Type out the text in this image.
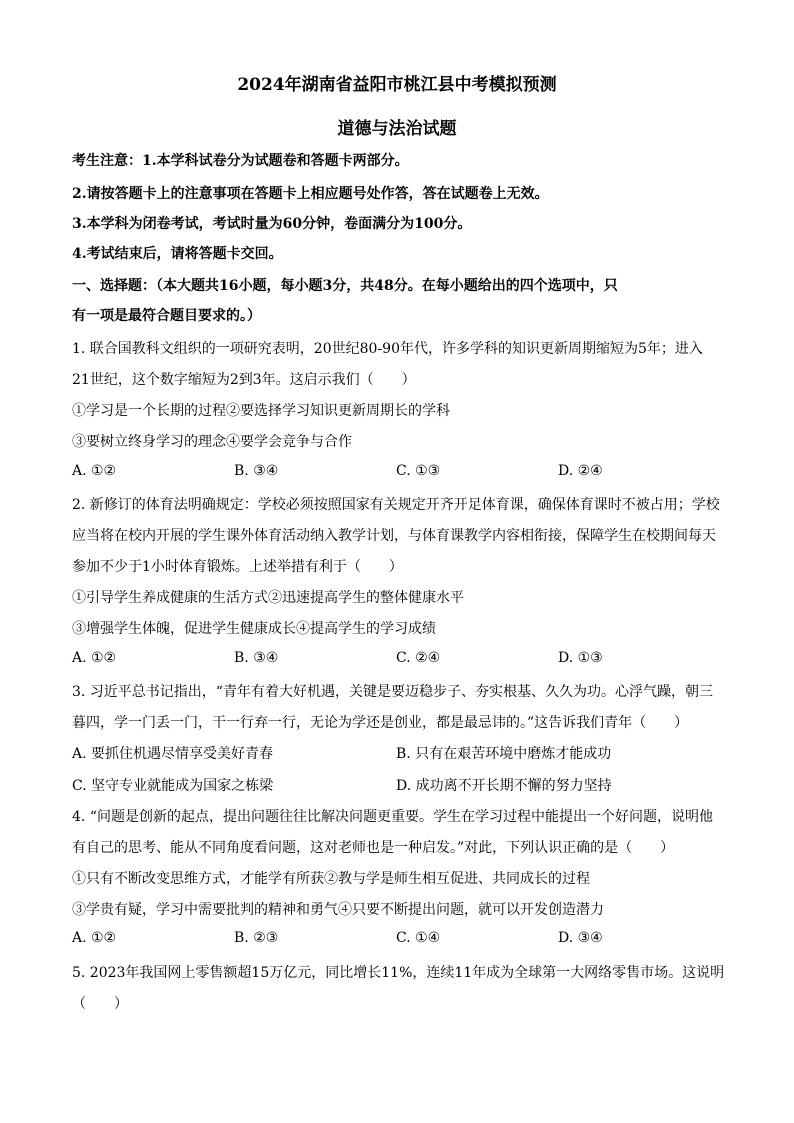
2024年湖南省益阳市桃江县中考模拟预测
道德与法治试题
考生注意：1.本学科试卷分为试题卷和答题卡两部分。
2.请按答题卡上的注意事项在答题卡上相应题号处作答，答在试题卷上无效。
3.本学科为闭卷考试，考试时量为60分钟，卷面满分为100分。
4.考试结束后，请将答题卡交回。
一、选择题：（本大题共16小题，每小题3分，共48分。在每小题给出的四个选项中，只
有一项是最符合题目要求的。）
1. 联合国教科文组织的一项研究表明，20世纪80-90年代，许多学科的知识更新周期缩短为5年；进入
21世纪，这个数字缩短为2到3年。这启示我们（　　）
①学习是一个长期的过程②要选择学习知识更新周期长的学科
③要树立终身学习的理念④要学会竞争与合作
A. ①②	B. ③④	C. ①③	D. ②④
2. 新修订的体育法明确规定：学校必须按照国家有关规定开齐开足体育课，确保体育课时不被占用；学校
应当将在校内开展的学生课外体育活动纳入教学计划，与体育课教学内容相衔接，保障学生在校期间每天
参加不少于1小时体育锻炼。上述举措有利于（　　）
①引导学生养成健康的生活方式②迅速提高学生的整体健康水平
③增强学生体魄，促进学生健康成长④提高学生的学习成绩
A. ①②	B. ③④	C. ②④	D. ①③
3. 习近平总书记指出，“青年有着大好机遇，关键是要迈稳步子、夯实根基、久久为功。心浮气躁，朝三
暮四，学一门丢一门，干一行弃一行，无论为学还是创业，都是最忌讳的。”这告诉我们青年（　　）
A. 要抓住机遇尽情享受美好青春	B. 只有在艰苦环境中磨炼才能成功
C. 坚守专业就能成为国家之栋梁	D. 成功离不开长期不懈的努力坚持
4. “问题是创新的起点，提出问题往往比解决问题更重要。学生在学习过程中能提出一个好问题，说明他
有自己的思考、能从不同角度看问题，这对老师也是一种启发。”对此，下列认识正确的是（　　）
①只有不断改变思维方式，才能学有所获②教与学是师生相互促进、共同成长的过程
③学贵有疑，学习中需要批判的精神和勇气④只要不断提出问题，就可以开发创造潜力
A. ①②	B. ②③	C. ①④	D. ③④
5. 2023年我国网上零售额超15万亿元，同比增长11%，连续11年成为全球第一大网络零售市场。这说明
（　　）
